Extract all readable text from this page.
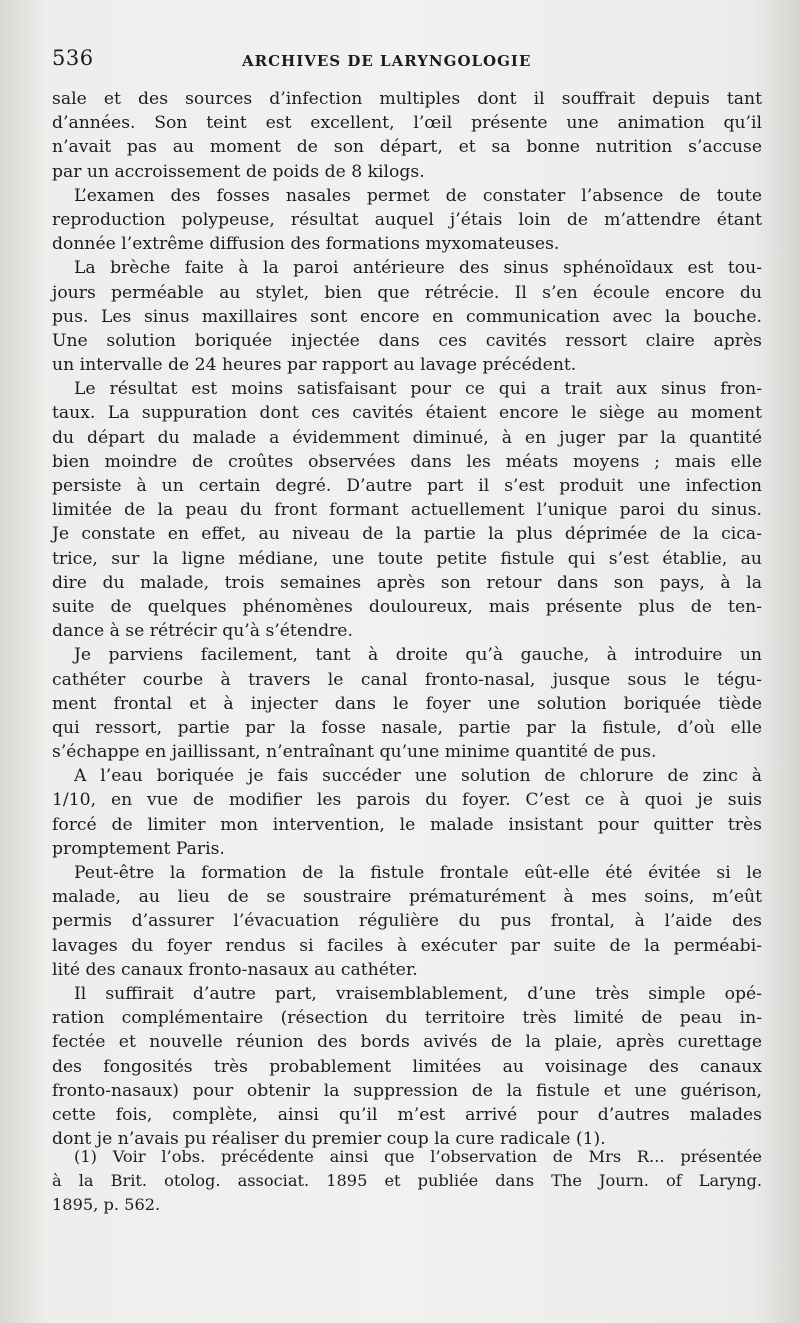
536	ARCHIVES DE LARYNGOLOGIE
sale et des sources d’infection multiples dont il souffrait depuis tant
d’années. Son teint est excellent, l’œil présente une animation qu’il
n’avait pas au moment de son départ, et sa bonne nutrition s’accuse
par un accroissement de poids de 8 kilogs.
L’examen des fosses nasales permet de constater l’absence de toute
reproduction polypeuse, résultat auquel j’étais loin de m’attendre étant
donnée l’extrême diffusion des formations myxomateuses.
La brèche faite à la paroi antérieure des sinus sphénoïdaux est tou-
jours perméable au stylet, bien que rétrécie. Il s’en écoule encore du
pus. Les sinus maxillaires sont encore en communication avec la bouche.
Une solution boriquée injectée dans ces cavités ressort claire après
un intervalle de 24 heures par rapport au lavage précédent.
Le résultat est moins satisfaisant pour ce qui a trait aux sinus fron-
taux. La suppuration dont ces cavités étaient encore le siège au moment
du départ du malade a évidemment diminué, à en juger par la quantité
bien moindre de croûtes observées dans les méats moyens ; mais elle
persiste à un certain degré. D’autre part il s’est produit une infection
limitée de la peau du front formant actuellement l’unique paroi du sinus.
Je constate en effet, au niveau de la partie la plus déprimée de la cica-
trice, sur la ligne médiane, une toute petite fistule qui s’est établie, au
dire du malade, trois semaines après son retour dans son pays, à la
suite de quelques phénomènes douloureux, mais présente plus de ten-
dance à se rétrécir qu’à s’étendre.
Je parviens facilement, tant à droite qu’à gauche, à introduire un
cathéter courbe à travers le canal fronto-nasal, jusque sous le tégu-
ment frontal et à injecter dans le foyer une solution boriquée tiède
qui ressort, partie par la fosse nasale, partie par la fistule, d’où elle
s’échappe en jaillissant, n’entraînant qu’une minime quantité de pus.
A l’eau boriquée je fais succéder une solution de chlorure de zinc à
1/10, en vue de modifier les parois du foyer. C’est ce à quoi je suis
forcé de limiter mon intervention, le malade insistant pour quitter très
promptement Paris.
Peut-être la formation de la fistule frontale eût-elle été évitée si le
malade, au lieu de se soustraire prématurément à mes soins, m’eût
permis d’assurer l’évacuation régulière du pus frontal, à l’aide des
lavages du foyer rendus si faciles à exécuter par suite de la perméabi-
lité des canaux fronto-nasaux au cathéter.
Il suffirait d’autre part, vraisemblablement, d’une très simple opé-
ration complémentaire (résection du territoire très limité de peau in-
fectée et nouvelle réunion des bords avivés de la plaie, après curettage
des fongosités très probablement limitées au voisinage des canaux
fronto-nasaux) pour obtenir la suppression de la fistule et une guérison,
cette fois, complète, ainsi qu’il m’est arrivé pour d’autres malades
dont je n’avais pu réaliser du premier coup la cure radicale (1).
(1) Voir l’obs. précédente ainsi que l’observation de Mrs R... présentée
à la Brit. otolog. associat. 1895 et publiée dans The Journ. of Laryng.
1895, p. 562.
